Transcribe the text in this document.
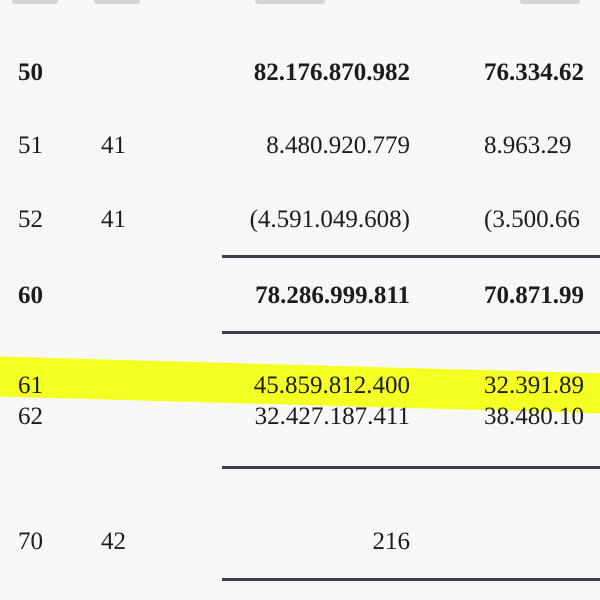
50	82.176.870.982	76.334.62
51 41	8.480.920.779	8.963.29
52 41	(4.591.049.608)	(3.500.66
60	78.286.999.811	70.871.99
61	45.859.812.400	32.391.89
62	32.427.187.411	38.480.10
70 42	216
